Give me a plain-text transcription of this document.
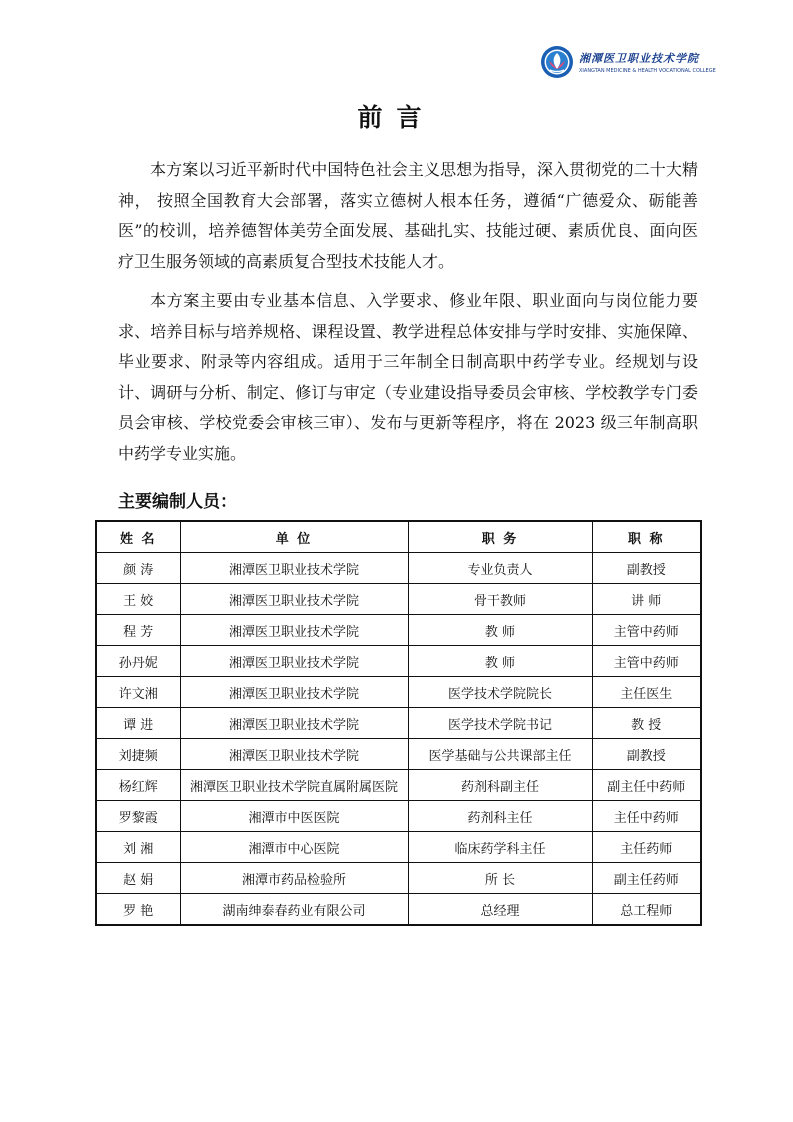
湘潭医卫职业技术学院
XIANGTAN MEDICINE & HEALTH VOCATIONAL COLLEGE
前言

本方案以习近平新时代中国特色社会主义思想为指导，深入贯彻党的二十大精神， 按照全国教育大会部署，落实立德树人根本任务，遵循“广德爱众、砺能善医”的校训，培养德智体美劳全面发展、基础扎实、技能过硬、素质优良、面向医疗卫生服务领域的高素质复合型技术技能人才。

本方案主要由专业基本信息、入学要求、修业年限、职业面向与岗位能力要求、培养目标与培养规格、课程设置、教学进程总体安排与学时安排、实施保障、毕业要求、附录等内容组成。适用于三年制全日制高职中药学专业。经规划与设计、调研与分析、制定、修订与审定（专业建设指导委员会审核、学校教学专门委员会审核、学校党委会审核三审）、发布与更新等程序，将在 2023 级三年制高职中药学专业实施。

主要编制人员：

姓 名	单 位	职 务	职 称
颜 涛	湘潭医卫职业技术学院	专业负责人	副教授
王 姣	湘潭医卫职业技术学院	骨干教师	讲 师
程 芳	湘潭医卫职业技术学院	教 师	主管中药师
孙丹妮	湘潭医卫职业技术学院	教 师	主管中药师
许文湘	湘潭医卫职业技术学院	医学技术学院院长	主任医生
谭 进	湘潭医卫职业技术学院	医学技术学院书记	教 授
刘捷频	湘潭医卫职业技术学院	医学基础与公共课部主任	副教授
杨红辉	湘潭医卫职业技术学院直属附属医院	药剂科副主任	副主任中药师
罗黎霞	湘潭市中医医院	药剂科主任	主任中药师
刘 湘	湘潭市中心医院	临床药学科主任	主任药师
赵 娟	湘潭市药品检验所	所 长	副主任药师
罗 艳	湖南绅泰春药业有限公司	总经理	总工程师
